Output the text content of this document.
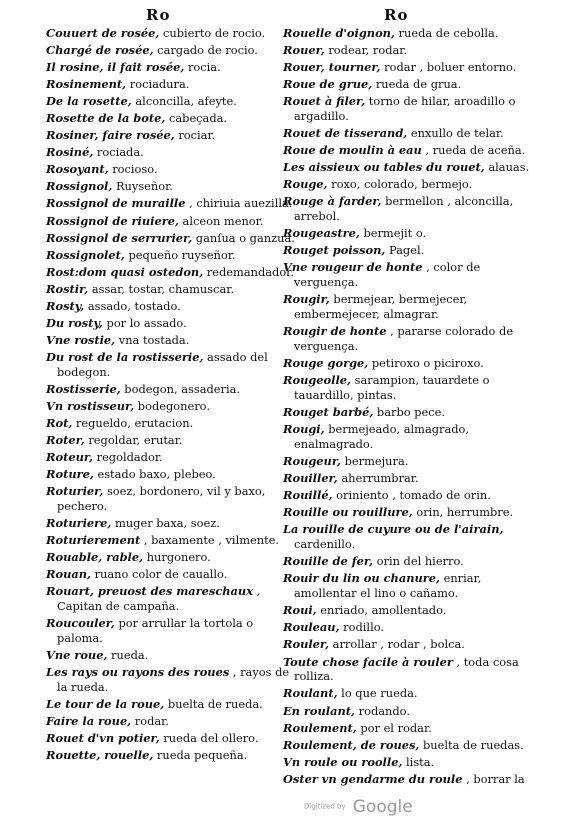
Ro	Ro
Couuert de rosée, cubierto de rocio.
Chargé de rosée, cargado de rocio.
Il rosine, il fait rosée, rocia.
Rosinement, rociadura.
De la rosette, alconcilla, afeyte.
Rosette de la bote, cabeçada.
Rosiner, faire rosée, rociar.
Rosiné, rociada.
Rosoyant, rocioso.
Rossignol, Ruyseñor.
Rossignol de muraille , chiriuia auezilla.
Rossignol de riuiere, alceon menor.
Rossignol de serrurier, ganſua o ganzua.
Rossignolet, pequeño ruyseñor.
Rost:dom quasi ostedon, redemandador.
Rostir, assar, tostar, chamuscar.
Rosty, assado, tostado.
Du rosty, por lo assado.
Vne rostie, vna tostada.
Du rost de la rostisserie, assado del bodegon.
Rostisserie, bodegon, assaderia.
Vn rostisseur, bodegonero.
Rot, regueldo, erutacion.
Roter, regoldar, erutar.
Roteur, regoldador.
Roture, estado baxo, plebeo.
Roturier, soez, bordonero, vil y baxo, pechero.
Roturiere, muger baxa, soez.
Roturierement , baxamente , vilmente.
Rouable, rable, hurgonero.
Rouan, ruano color de cauallo.
Rouart, preuost des mareschaux , Capitan de campaña.
Roucouler, por arrullar la tortola o paloma.
Vne roue, rueda.
Les rays ou rayons des roues , rayos de la rueda.
Le tour de la roue, buelta de rueda.
Faire la roue, rodar.
Rouet d'vn potier, rueda del ollero.
Rouette, rouelle, rueda pequeña.
Rouelle d'oignon, rueda de cebolla.
Rouer, rodear, rodar.
Rouer, tourner, rodar , boluer entorno.
Roue de grue, rueda de grua.
Rouet à filer, torno de hilar, aroadillo o argadillo.
Rouet de tisserand, enxullo de telar.
Roue de moulin à eau , rueda de aceña.
Les aissieux ou tables du rouet, alauas.
Rouge, roxo, colorado, bermejo.
Rouge à farder, bermellon , alconcilla, arrebol.
Rougeastre, bermejit o.
Rouget poisson, Pagel.
Vne rougeur de honte , color de verguença.
Rougir, bermejear, bermejecer, embermejecer, almagrar.
Rougir de honte , pararse colorado de verguença.
Rouge gorge, petiroxo o piciroxo.
Rougeolle, sarampion, tauardete o tauardillo, pintas.
Rouget barbé, barbo pece.
Rougi, bermejeado, almagrado, enalmagrado.
Rougeur, bermejura.
Rouiller, aherrumbrar.
Rouillé, oriniento , tomado de orin.
Rouille ou rouillure, orin, herrumbre.
La rouille de cuyure ou de l'airain, cardenillo.
Rouille de fer, orin del hierro.
Rouir du lin ou chanure, enriar, amollentar el lino o cañamo.
Roui, enriado, amollentado.
Rouleau, rodillo.
Rouler, arrollar , rodar , bolca.
Toute chose facile à rouler , toda cosa rolliza.
Roulant, lo que rueda.
En roulant, rodando.
Roulement, por el rodar.
Roulement, de roues, buelta de ruedas.
Vn roule ou roolle, lista.
Oster vn gendarme du roule , borrar la
Digitized by Google
